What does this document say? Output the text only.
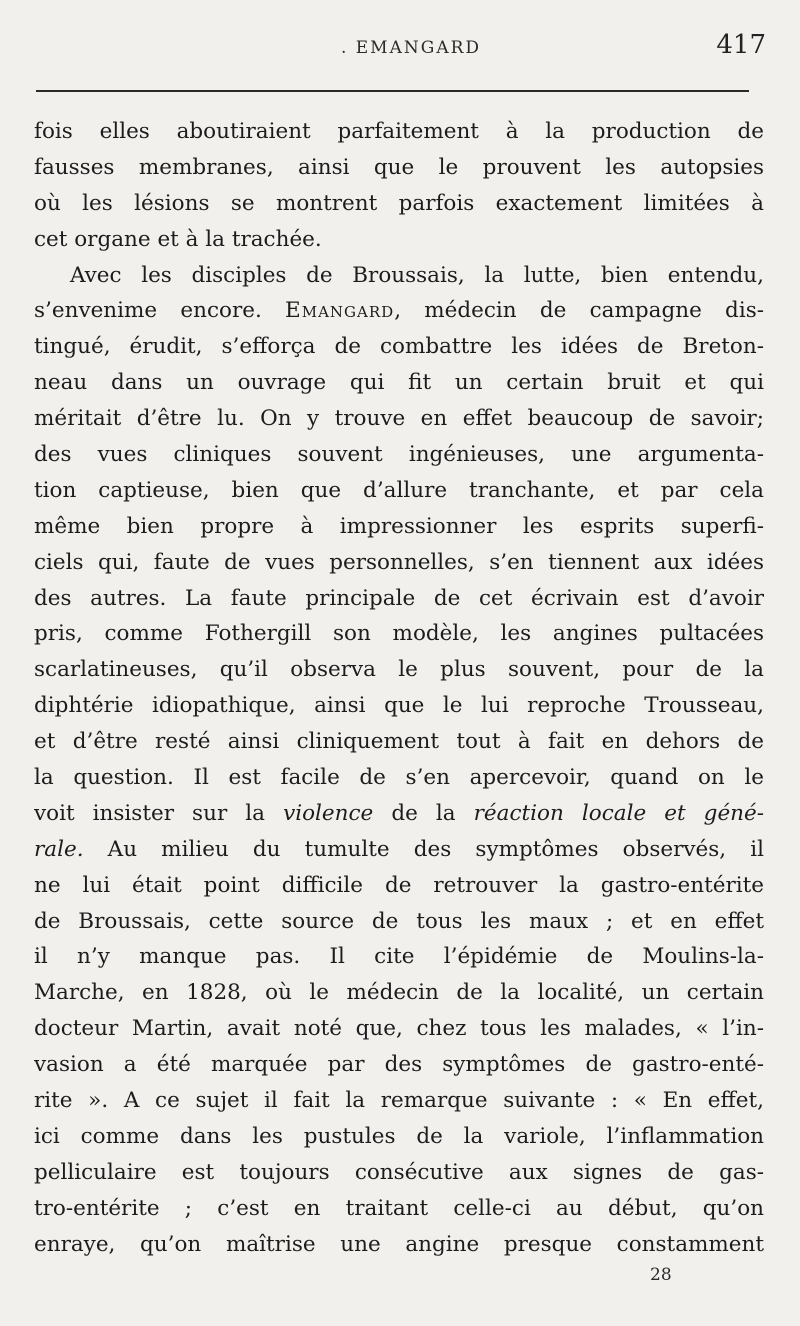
. EMANGARD	417
fois elles aboutiraient parfaitement à la production de
fausses membranes, ainsi que le prouvent les autopsies
où les lésions se montrent parfois exactement limitées à
cet organe et à la trachée.
Avec les disciples de Broussais, la lutte, bien entendu,
s’envenime encore. Emangard, médecin de campagne dis-
tingué, érudit, s’efforça de combattre les idées de Breton-
neau dans un ouvrage qui fit un certain bruit et qui
méritait d’être lu. On y trouve en effet beaucoup de savoir;
des vues cliniques souvent ingénieuses, une argumenta-
tion captieuse, bien que d’allure tranchante, et par cela
même bien propre à impressionner les esprits superfi-
ciels qui, faute de vues personnelles, s’en tiennent aux idées
des autres. La faute principale de cet écrivain est d’avoir
pris, comme Fothergill son modèle, les angines pultacées
scarlatineuses, qu’il observa le plus souvent, pour de la
diphtérie idiopathique, ainsi que le lui reproche Trousseau,
et d’être resté ainsi cliniquement tout à fait en dehors de
la question. Il est facile de s’en apercevoir, quand on le
voit insister sur la violence de la réaction locale et géné-
rale. Au milieu du tumulte des symptômes observés, il
ne lui était point difficile de retrouver la gastro-entérite
de Broussais, cette source de tous les maux ; et en effet
il n’y manque pas. Il cite l’épidémie de Moulins-la-
Marche, en 1828, où le médecin de la localité, un certain
docteur Martin, avait noté que, chez tous les malades, « l’in-
vasion a été marquée par des symptômes de gastro-enté-
rite ». A ce sujet il fait la remarque suivante : « En effet,
ici comme dans les pustules de la variole, l’inflammation
pelliculaire est toujours consécutive aux signes de gas-
tro-entérite ; c’est en traitant celle-ci au début, qu’on
enraye, qu’on maîtrise une angine presque constamment
28
